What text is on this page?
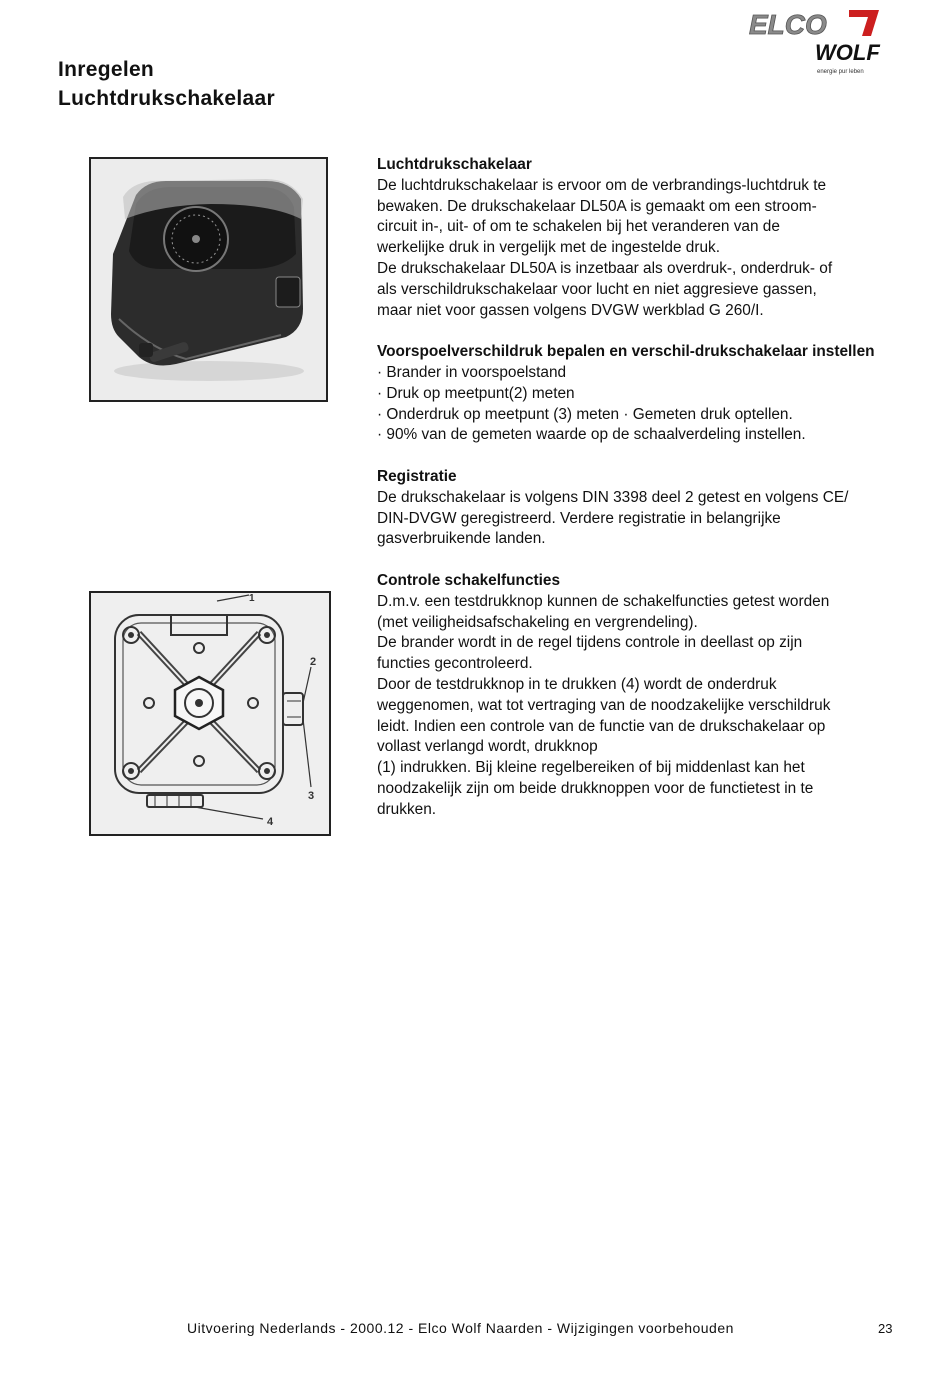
ELCO
WOLF
energie pur leben
Inregelen
Luchtdrukschakelaar
1
2
3
4
Luchtdrukschakelaar

De luchtdrukschakelaar is ervoor om de verbrandings-luchtdruk te
bewaken. De drukschakelaar DL50A is gemaakt om een stroom-
circuit in-, uit- of om te schakelen bij het veranderen van de
werkelijke druk in vergelijk met de ingestelde druk.
De drukschakelaar DL50A is inzetbaar als overdruk-, onderdruk- of
als verschildrukschakelaar voor lucht en niet aggresieve gassen,
maar niet voor gassen volgens DVGW werkblad G 260/I.

Voorspoelverschildruk bepalen en verschil-drukschakelaar instellen

· Brander in voorspoelstand
· Druk op meetpunt(2) meten
· Onderdruk op meetpunt (3) meten · Gemeten druk optellen.
· 90% van de gemeten waarde op de schaalverdeling instellen.

Registratie

De drukschakelaar is volgens DIN 3398 deel 2 getest en volgens CE/
DIN-DVGW geregistreerd. Verdere registratie in belangrijke
gasverbruikende landen.

Controle schakelfuncties

D.m.v. een testdrukknop kunnen de schakelfuncties getest worden
(met veiligheidsafschakeling en vergrendeling).
De brander wordt in de regel tijdens controle in deellast op zijn
functies gecontroleerd.
Door de testdrukknop in te drukken (4) wordt de onderdruk
weggenomen, wat tot vertraging van de noodzakelijke verschildruk
leidt. Indien een controle van de functie van de drukschakelaar op
vollast verlangd wordt, drukknop
(1) indrukken. Bij kleine regelbereiken of bij middenlast kan het
noodzakelijk zijn om beide drukknoppen voor de functietest in te
drukken.

Uitvoering Nederlands - 2000.12 - Elco Wolf Naarden - Wijzigingen voorbehouden	23
